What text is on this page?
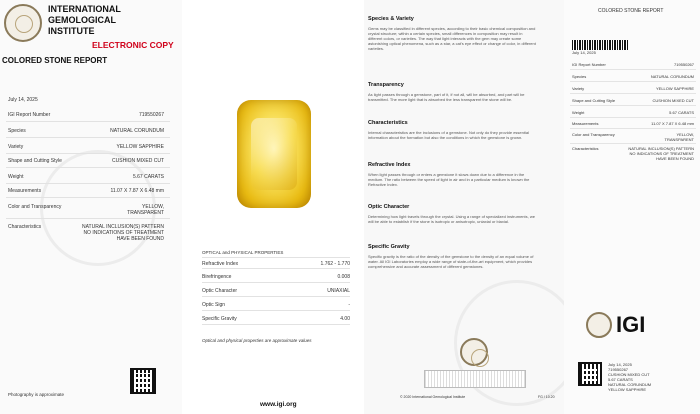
INTERNATIONAL
GEMOLOGICAL
INSTITUTE
ELECTRONIC COPY
COLORED STONE REPORT
July 14, 2025
IGI Report Number	719550267
Species	NATURAL CORUNDUM
Variety	YELLOW SAPPHIRE
Shape and Cutting Style	CUSHION MIXED CUT
Weight	5.67 CARATS
Measurements	11.07 X 7.87 X 6.48 mm
Color and Transparency	YELLOW, TRANSPARENT
Characteristics	NATURAL INCLUSION(S) PATTERN NO INDICATIONS OF TREATMENT HAVE BEEN FOUND
Photography is approximate
OPTICAL and PHYSICAL PROPERTIES
Refractive Index	1.762 - 1.770
Birefringence	0.008
Optic Character	UNIAXIAL
Optic Sign	-
Specific Gravity	4.00
Optical and physical properties are approximate values
www.igi.org
Species & Variety
Gems may be classified in different species, according to their basic chemical composition and crystal structure; within a certain species, small differences in composition may result in different colors, or varieties. The way that light interacts with the gem may create some astonishing optical phenomena, such as a star, a cat's eye effect or change of color, in different varieties.
Transparency
As light passes through a gemstone, part of it, if not all, will be absorbed, and part will be transmitted. The more light that is absorbed the less transparent the stone will be.
Characteristics
Internal characteristics are the inclusions of a gemstone. Not only do they provide essential information about the formation but also the conditions in which the gemstone is grown.
Refractive Index
When light passes through or enters a gemstone it slows down due to a difference in the medium. The ratio between the speed of light in air and in a particular medium is known the Refractive Index.
Optic Character
Determining how light travels through the crystal. Using a range of specialized instruments, we will be able to establish if the stone is isotropic or anisotropic, uniaxial or biaxial.
Specific Gravity
Specific gravity is the ratio of the density of the gemstone to the density of an equal volume of water. All IGI Laboratories employ a wide range of state-of-the-art equipment, which provides comprehensive and accurate assessment of different gemstones.
© 2020 International Gemological Institute	FG / 10.20
COLORED STONE REPORT
July 14, 2025
IGI Report Number	719550267
Species	NATURAL CORUNDUM
Variety	YELLOW SAPPHIRE
Shape and Cutting Style	CUSHION MIXED CUT
Weight	5.67 CARATS
Measurements	11.07 X 7.87 X 6.48 mm
Color and Transparency	YELLOW, TRANSPARENT
Characteristics	NATURAL INCLUSION(S) PATTERN NO INDICATIONS OF TREATMENT HAVE BEEN FOUND
IGI
July 14, 2025
719550267
CUSHION MIXED CUT
5.67 CARATS
NATURAL CORUNDUM
YELLOW SAPPHIRE
